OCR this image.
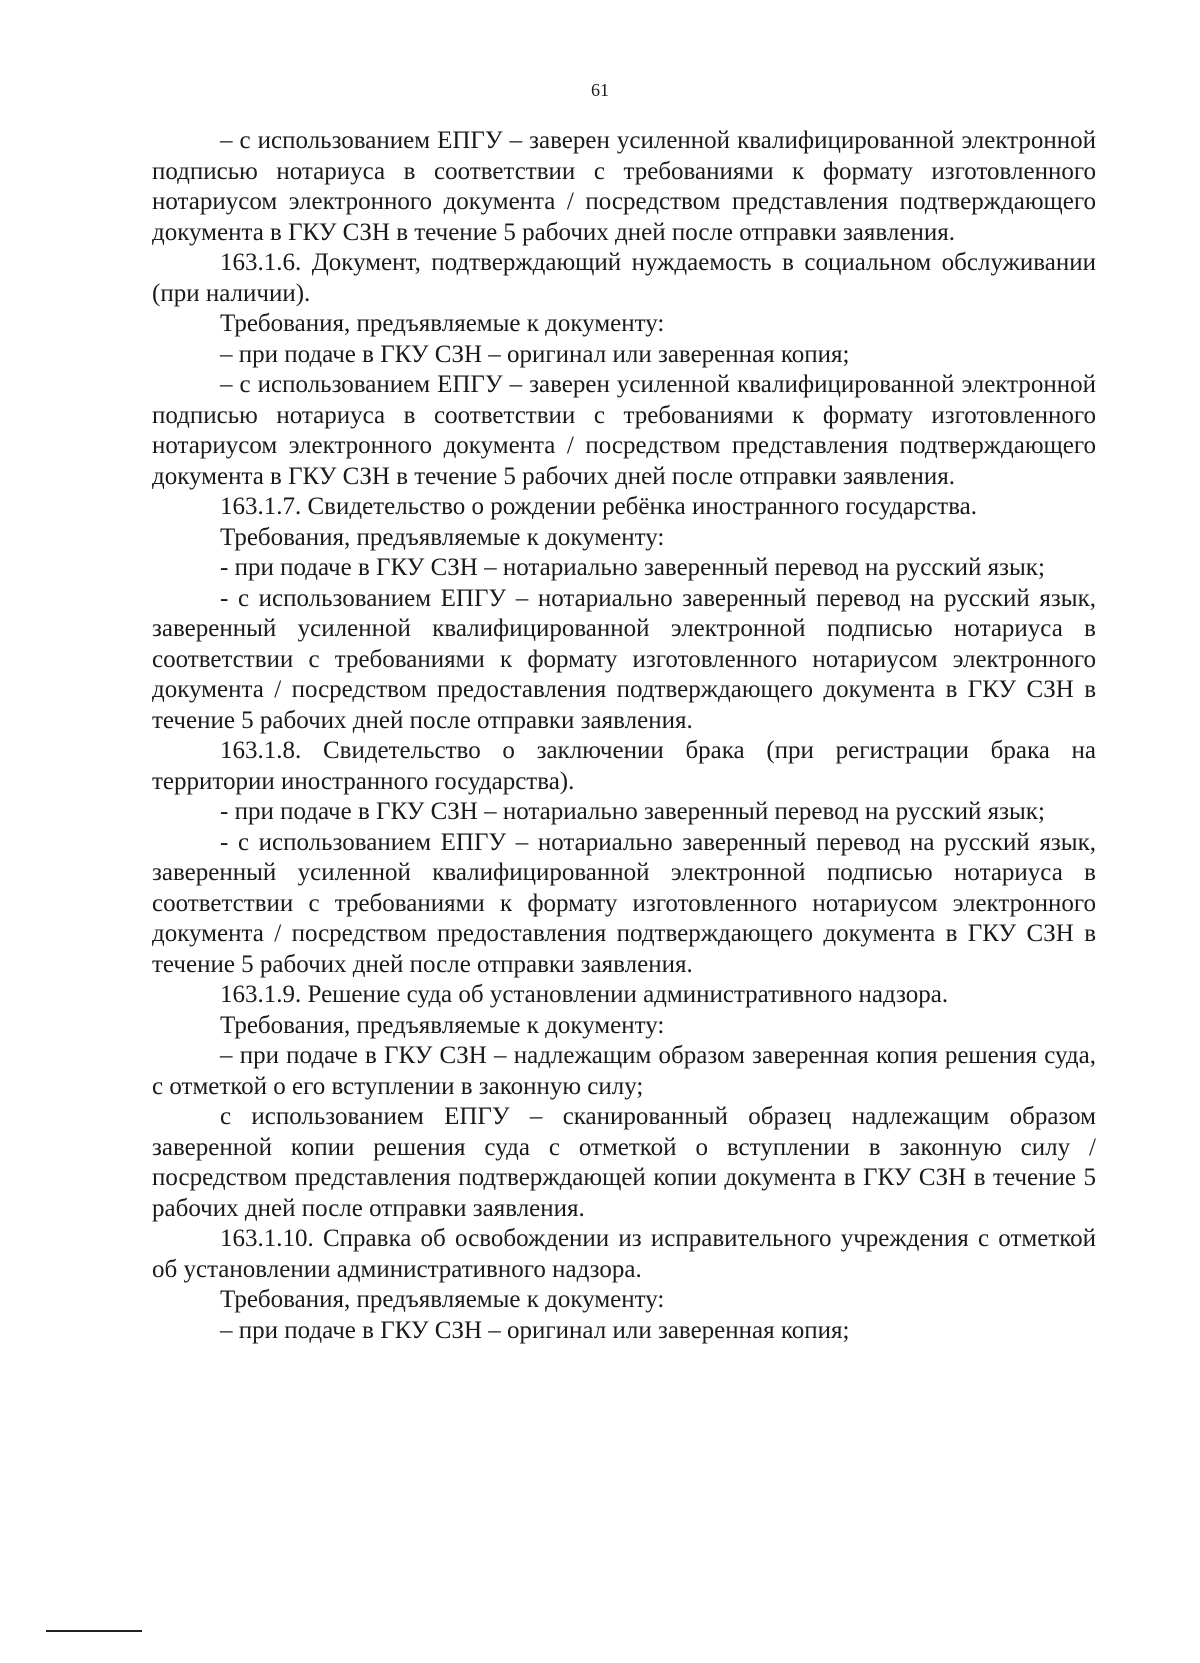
61

– с использованием ЕПГУ – заверен усиленной квалифицированной электронной подписью нотариуса в соответствии с требованиями к формату изготовленного нотариусом электронного документа / посредством представления подтверждающего документа в ГКУ СЗН в течение 5 рабочих дней после отправки заявления.

163.1.6. Документ, подтверждающий нуждаемость в социальном обслуживании (при наличии).

Требования, предъявляемые к документу:

– при подаче в ГКУ СЗН – оригинал или заверенная копия;

– с использованием ЕПГУ – заверен усиленной квалифицированной электронной подписью нотариуса в соответствии с требованиями к формату изготовленного нотариусом электронного документа / посредством представления подтверждающего документа в ГКУ СЗН в течение 5 рабочих дней после отправки заявления.

163.1.7. Свидетельство о рождении ребёнка иностранного государства.

Требования, предъявляемые к документу:

- при подаче в ГКУ СЗН – нотариально заверенный перевод на русский язык;

- с использованием ЕПГУ – нотариально заверенный перевод на русский язык, заверенный усиленной квалифицированной электронной подписью нотариуса в соответствии с требованиями к формату изготовленного нотариусом электронного документа / посредством предоставления подтверждающего документа в ГКУ СЗН в течение 5 рабочих дней после отправки заявления.

163.1.8. Свидетельство о заключении брака (при регистрации брака на территории иностранного государства).

- при подаче в ГКУ СЗН – нотариально заверенный перевод на русский язык;

- с использованием ЕПГУ – нотариально заверенный перевод на русский язык, заверенный усиленной квалифицированной электронной подписью нотариуса в соответствии с требованиями к формату изготовленного нотариусом электронного документа / посредством предоставления подтверждающего документа в ГКУ СЗН в течение 5 рабочих дней после отправки заявления.

163.1.9. Решение суда об установлении административного надзора.

Требования, предъявляемые к документу:

– при подаче в ГКУ СЗН – надлежащим образом заверенная копия решения суда, с отметкой о его вступлении в законную силу;

с использованием ЕПГУ – сканированный образец надлежащим образом заверенной копии решения суда с отметкой о вступлении в законную силу / посредством представления подтверждающей копии документа в ГКУ СЗН в течение 5 рабочих дней после отправки заявления.

163.1.10. Справка об освобождении из исправительного учреждения с отметкой об установлении административного надзора.

Требования, предъявляемые к документу:

– при подаче в ГКУ СЗН – оригинал или заверенная копия;
